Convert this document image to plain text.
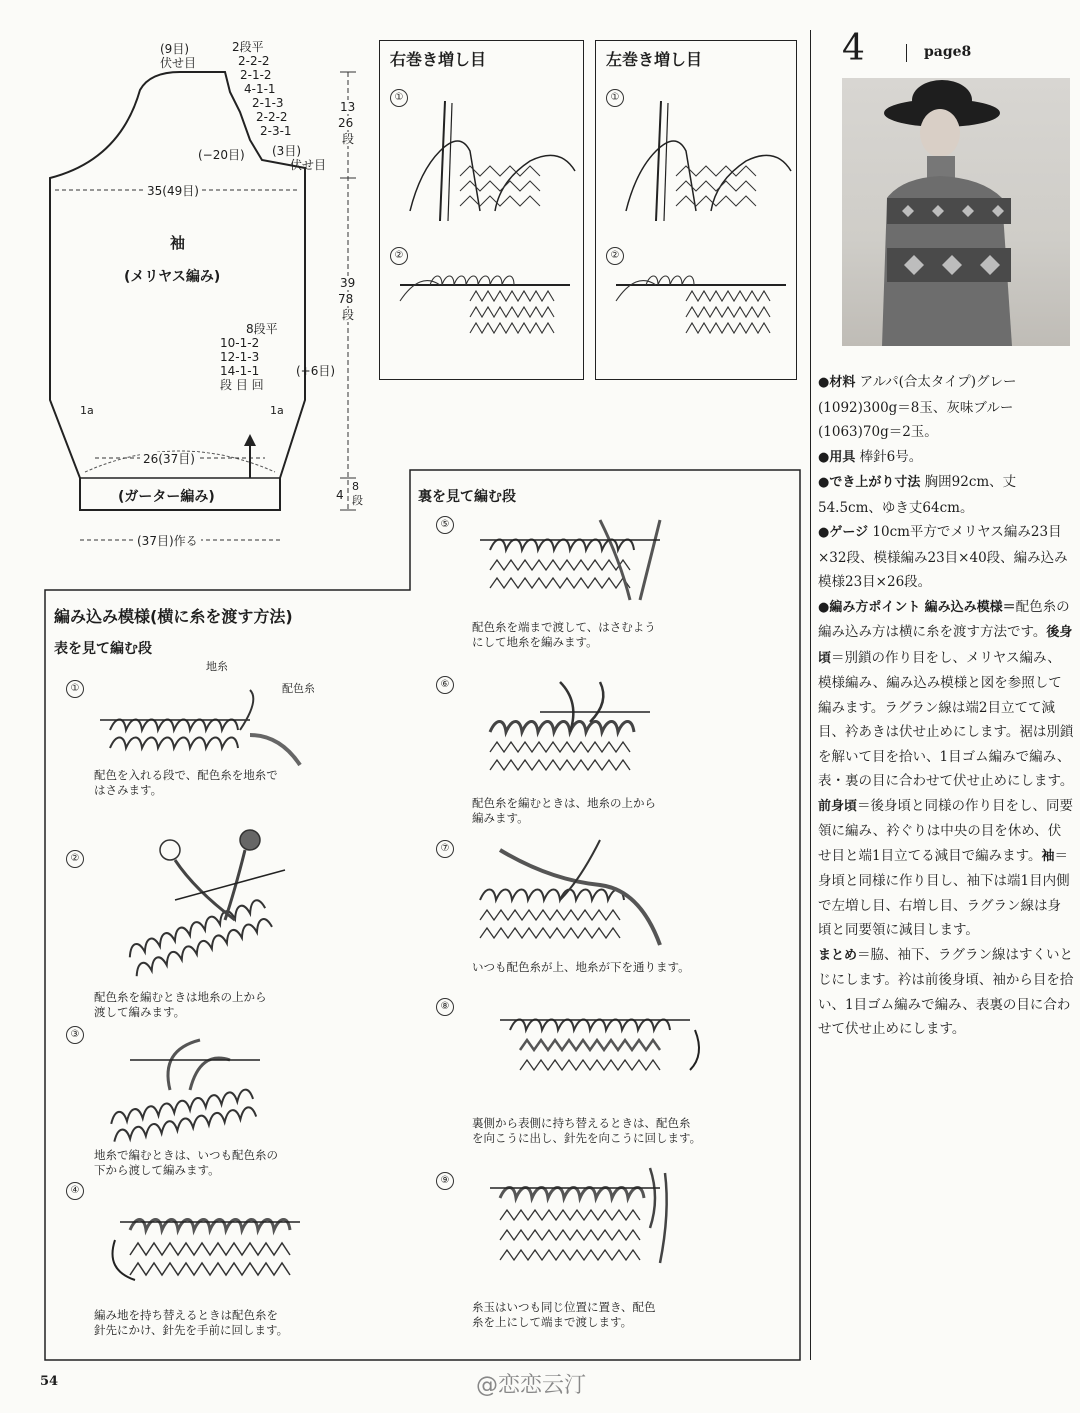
(9目)
伏せ目
2段平
2-2-2
2-1-2
4-1-1
2-1-3
2-2-2
2-3-1
(−20目) (3目)
伏せ目
13
26
段
35(49目)
袖
(メリヤス編み)	39
78
段
8段平
10-1-2
12-1-3
14-1-1
段 目 回
(+6目)
1a	1a
26(37目)
(ガーター編み)	4
8
段
(37目)作る
右巻き増し目
①
②
左巻き増し目
①
②
編み込み模様(横に糸を渡す方法)
表を見て編む段
裏を見て編む段
①
地糸
配色糸
配色を入れる段で、配色糸を地糸で
はさみます。
②
配色糸を編むときは地糸の上から
渡して編みます。
③
地糸で編むときは、いつも配色糸の
下から渡して編みます。
④
編み地を持ち替えるときは配色糸を
針先にかけ、針先を手前に回します。
⑤
配色糸を端まで渡して、はさむよう
にして地糸を編みます。
⑥
配色糸を編むときは、地糸の上から
編みます。
⑦
いつも配色糸が上、地糸が下を通ります。
⑧
裏側から表側に持ち替えるときは、配色糸
を向こうに出し、針先を向こうに回します。
⑨
糸玉はいつも同じ位置に置き、配色
糸を上にして端まで渡します。
4	page8

●材料 アルパ(合太タイプ)グレー(1092)300g＝8玉、灰味ブルー(1063)70g＝2玉。

●用具 棒針6号。

●でき上がり寸法 胸囲92cm、丈54.5cm、ゆき丈64cm。

●ゲージ 10cm平方でメリヤス編み23目×32段、模様編み23目×40段、編み込み模様23目×26段。

●編み方ポイント 編み込み模様＝配色糸の編み込み方は横に糸を渡す方法です。後身頃＝別鎖の作り目をし、メリヤス編み、模様編み、編み込み模様と図を参照して編みます。ラグラン線は端2目立てて減目、衿あきは伏せ止めにします。裾は別鎖を解いて目を拾い、1目ゴム編みで編み、表・裏の目に合わせて伏せ止めにします。前身頃＝後身頃と同様の作り目をし、同要領に編み、衿ぐりは中央の目を休め、伏せ目と端1目立てる減目で編みます。袖＝身頃と同様に作り目し、袖下は端1目内側で左増し目、右増し目、ラグラン線は身頃と同要領に減目します。

まとめ＝脇、袖下、ラグラン線はすくいとじにします。衿は前後身頃、袖から目を拾い、1目ゴム編みで編み、表裏の目に合わせて伏せ止めにします。

54	@恋恋云汀
